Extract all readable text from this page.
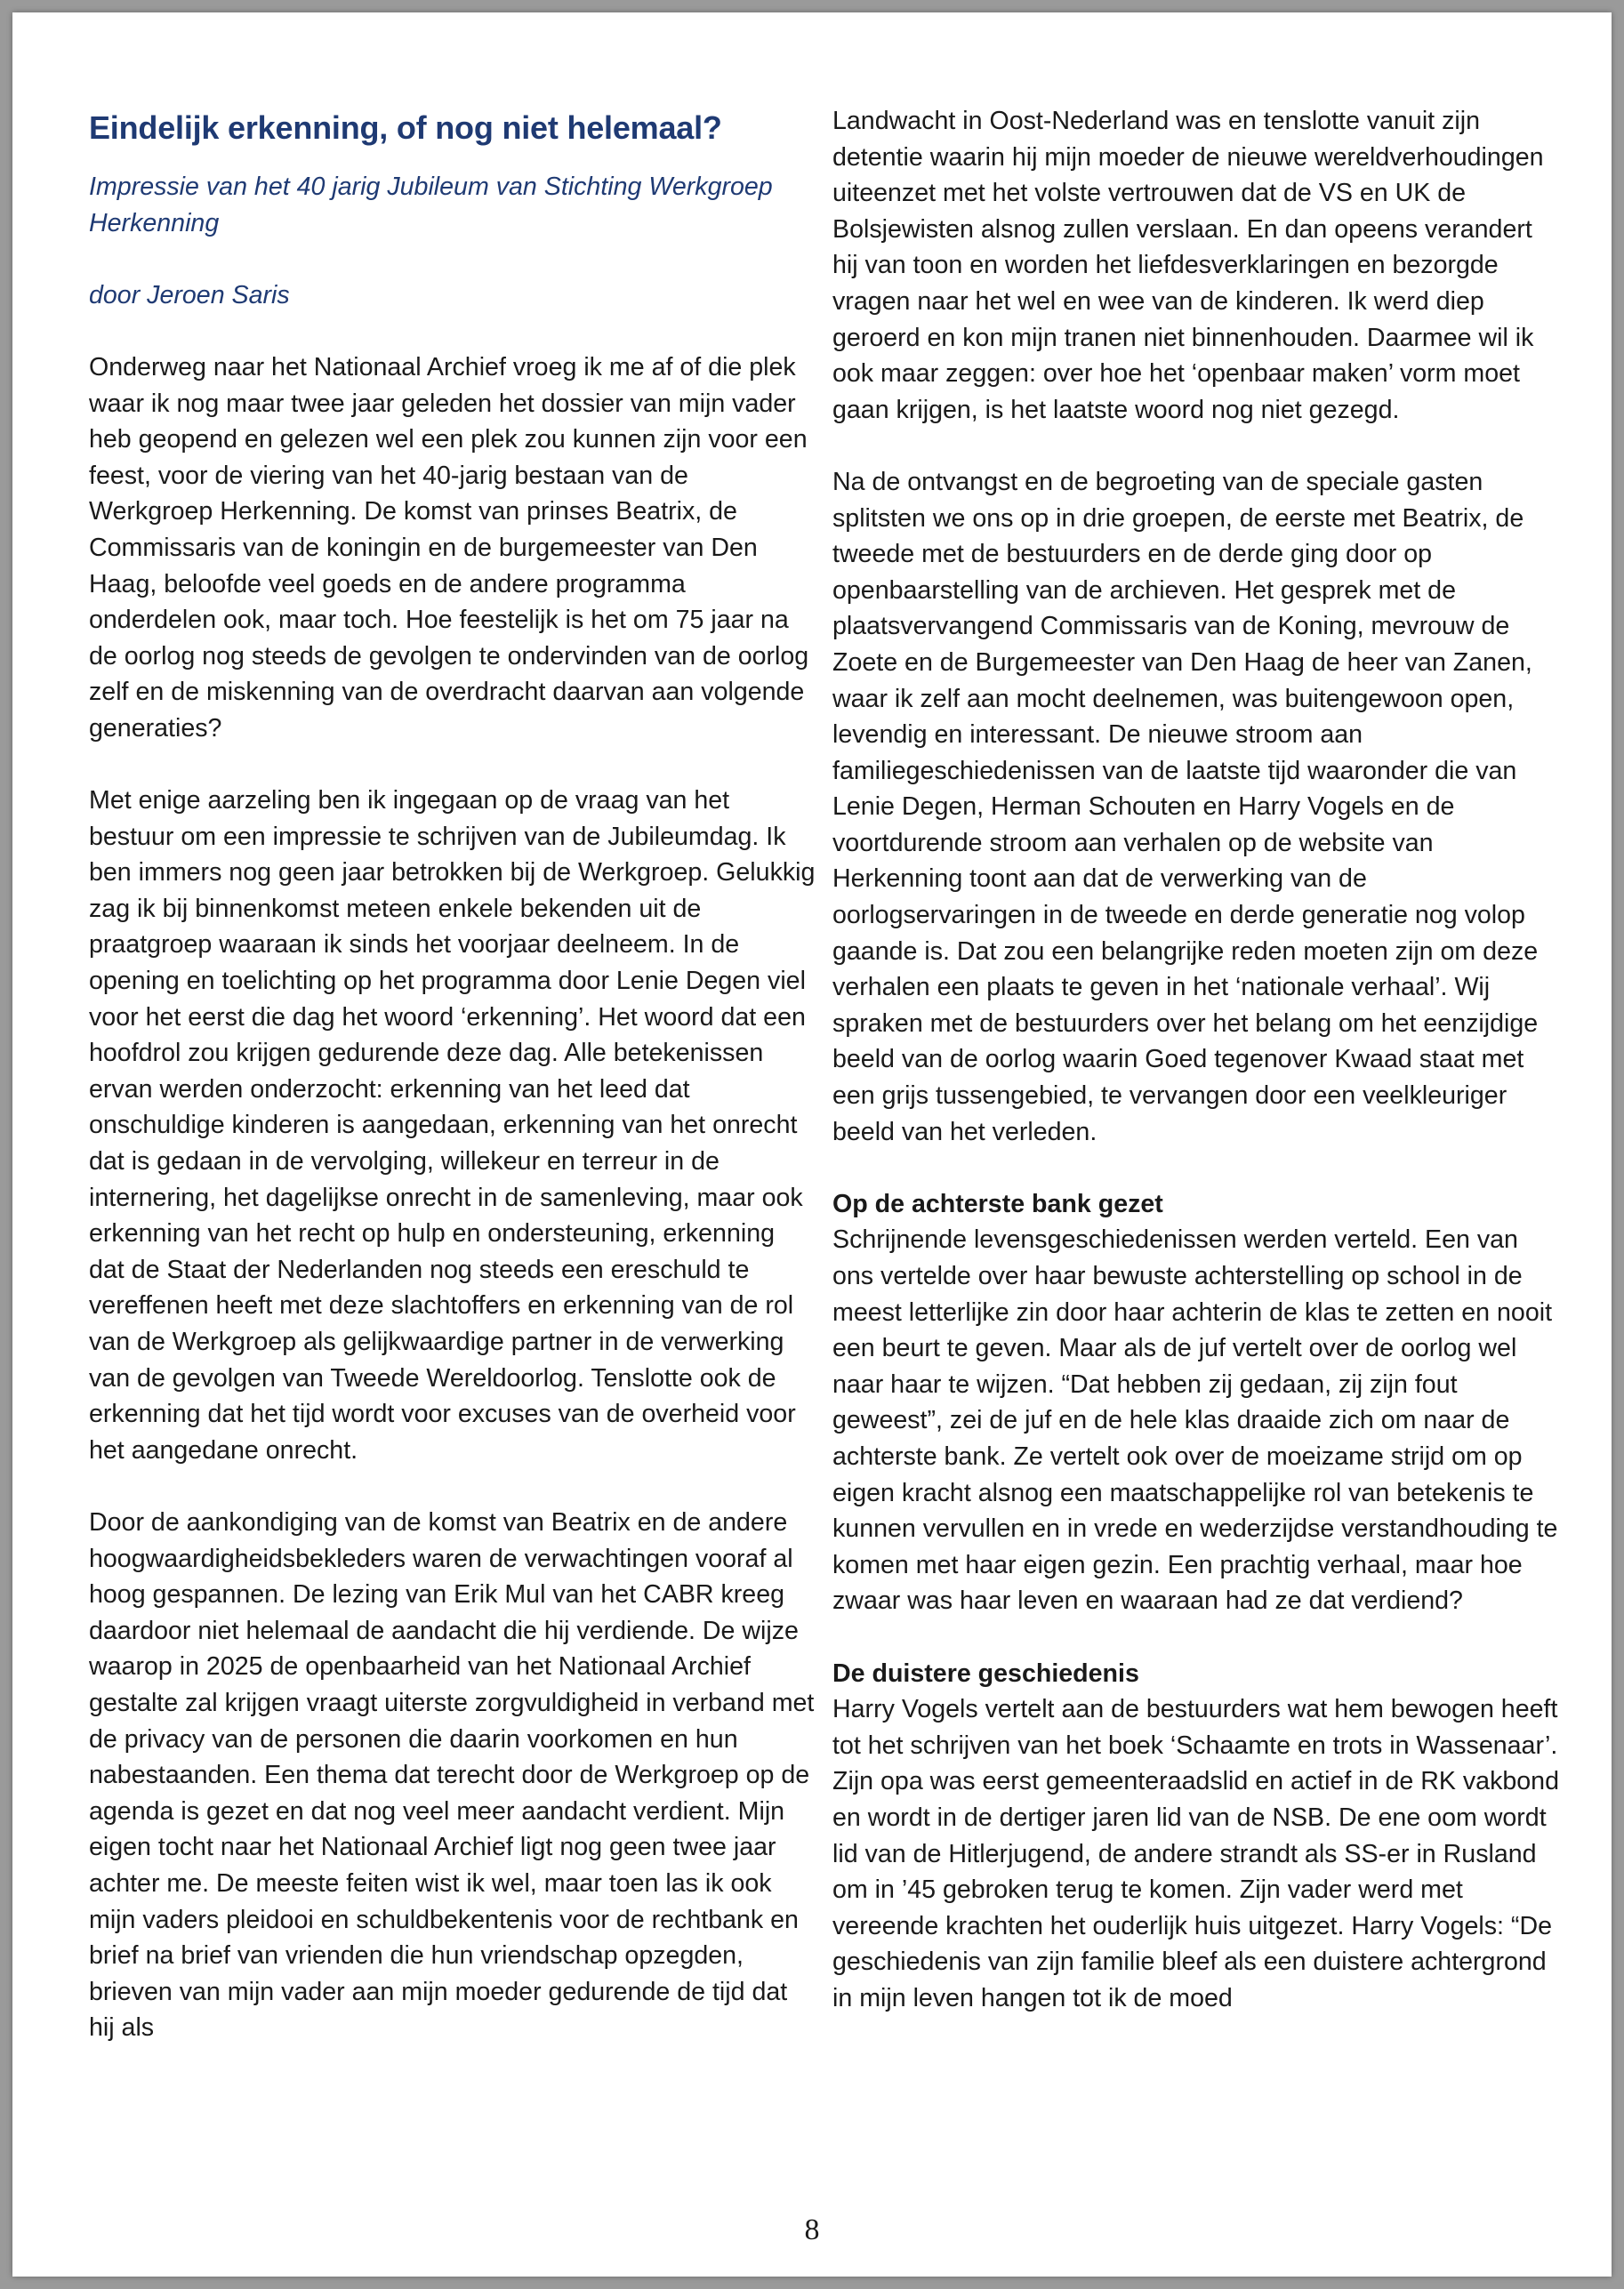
Eindelijk erkenning, of nog niet helemaal?

Impressie van het 40 jarig Jubileum van Stichting Werkgroep Herkenning

door Jeroen Saris

Onderweg naar het Nationaal Archief vroeg ik me af of die plek waar ik nog maar twee jaar geleden het dossier van mijn vader heb geopend en gelezen wel een plek zou kunnen zijn voor een feest, voor de viering van het 40-jarig bestaan van de Werkgroep Herkenning. De komst van prinses Beatrix, de Commissaris van de koningin en de burgemeester van Den Haag, beloofde veel goeds en de andere programma onderdelen ook, maar toch. Hoe feestelijk is het om 75 jaar na de oorlog nog steeds de gevolgen te ondervinden van de oorlog zelf en de miskenning van de overdracht daarvan aan volgende generaties?

Met enige aarzeling ben ik ingegaan op de vraag van het bestuur om een impressie te schrijven van de Jubileumdag. Ik ben immers nog geen jaar betrokken bij de Werkgroep. Gelukkig zag ik bij binnenkomst meteen enkele bekenden uit de praatgroep waaraan ik sinds het voorjaar deelneem. In de opening en toelichting op het programma door Lenie Degen viel voor het eerst die dag het woord ‘erkenning’. Het woord dat een hoofdrol zou krijgen gedurende deze dag. Alle betekenissen ervan werden onderzocht: erkenning van het leed dat onschuldige kinderen is aangedaan, erkenning van het onrecht dat is gedaan in de vervolging, willekeur en terreur in de internering, het dagelijkse onrecht in de samenleving, maar ook erkenning van het recht op hulp en ondersteuning, erkenning dat de Staat der Nederlanden nog steeds een ereschuld te vereffenen heeft met deze slachtoffers en erkenning van de rol van de Werkgroep als gelijkwaardige partner in de verwerking van de gevolgen van Tweede Wereldoorlog. Tenslotte ook de erkenning dat het tijd wordt voor excuses van de overheid voor het aangedane onrecht.

Door de aankondiging van de komst van Beatrix en de andere hoogwaardigheidsbekleders waren de verwachtingen vooraf al hoog gespannen. De lezing van Erik Mul van het CABR kreeg daardoor niet helemaal de aandacht die hij verdiende. De wijze waarop in 2025 de openbaarheid van het Nationaal Archief gestalte zal krijgen vraagt uiterste zorgvuldigheid in verband met de privacy van de personen die daarin voorkomen en hun nabestaanden. Een thema dat terecht door de Werkgroep op de agenda is gezet en dat nog veel meer aandacht verdient. Mijn eigen tocht naar het Nationaal Archief ligt nog geen twee jaar achter me. De meeste feiten wist ik wel, maar toen las ik ook mijn vaders pleidooi en schuldbekentenis voor de rechtbank en brief na brief van vrienden die hun vriendschap opzegden, brieven van mijn vader aan mijn moeder gedurende de tijd dat hij als

Landwacht in Oost-Nederland was en tenslotte vanuit zijn detentie waarin hij mijn moeder de nieuwe wereldverhoudingen uiteenzet met het volste vertrouwen dat de VS en UK de Bolsjewisten alsnog zullen verslaan. En dan opeens verandert hij van toon en worden het liefdesverklaringen en bezorgde vragen naar het wel en wee van de kinderen. Ik werd diep geroerd en kon mijn tranen niet binnenhouden. Daarmee wil ik ook maar zeggen: over hoe het ‘openbaar maken’ vorm moet gaan krijgen, is het laatste woord nog niet gezegd.

Na de ontvangst en de begroeting van de speciale gasten splitsten we ons op in drie groepen, de eerste met Beatrix, de tweede met de bestuurders en de derde ging door op openbaarstelling van de archieven. Het gesprek met de plaatsvervangend Commissaris van de Koning, mevrouw de Zoete en de Burgemeester van Den Haag de heer van Zanen, waar ik zelf aan mocht deelnemen, was buitengewoon open, levendig en interessant. De nieuwe stroom aan familiegeschiedenissen van de laatste tijd waaronder die van Lenie Degen, Herman Schouten en Harry Vogels en de voortdurende stroom aan verhalen op de website van Herkenning toont aan dat de verwerking van de oorlogservaringen in de tweede en derde generatie nog volop gaande is. Dat zou een belangrijke reden moeten zijn om deze verhalen een plaats te geven in het ‘nationale verhaal’. Wij spraken met de bestuurders over het belang om het eenzijdige beeld van de oorlog waarin Goed tegenover Kwaad staat met een grijs tussengebied, te vervangen door een veelkleuriger beeld van het verleden.

Op de achterste bank gezet
Schrijnende levensgeschiedenissen werden verteld. Een van ons vertelde over haar bewuste achterstelling op school in de meest letterlijke zin door haar achterin de klas te zetten en nooit een beurt te geven. Maar als de juf vertelt over de oorlog wel naar haar te wijzen. “Dat hebben zij gedaan, zij zijn fout geweest”, zei de juf en de hele klas draaide zich om naar de achterste bank. Ze vertelt ook over de moeizame strijd om op eigen kracht alsnog een maatschappelijke rol van betekenis te kunnen vervullen en in vrede en wederzijdse verstandhouding te komen met haar eigen gezin. Een prachtig verhaal, maar hoe zwaar was haar leven en waaraan had ze dat verdiend?

De duistere geschiedenis
Harry Vogels vertelt aan de bestuurders wat hem bewogen heeft tot het schrijven van het boek ‘Schaamte en trots in Wassenaar’. Zijn opa was eerst gemeenteraadslid en actief in de RK vakbond en wordt in de dertiger jaren lid van de NSB. De ene oom wordt lid van de Hitlerjugend, de andere strandt als SS-er in Rusland om in ’45 gebroken terug te komen. Zijn vader werd met vereende krachten het ouderlijk huis uitgezet. Harry Vogels: “De geschiedenis van zijn familie bleef als een duistere achtergrond in mijn leven hangen tot ik de moed

8
